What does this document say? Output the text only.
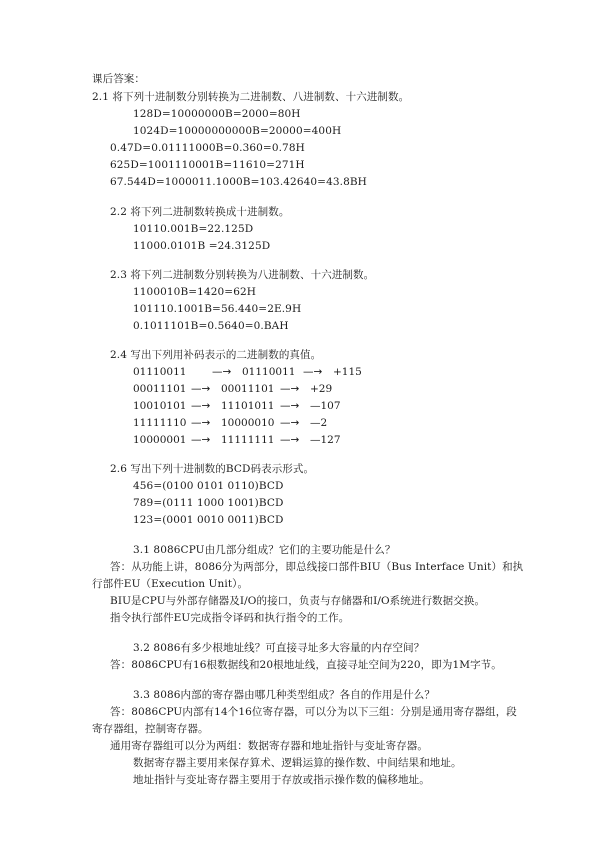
课后答案：
2.1 将下列十进制数分别转换为二进制数、八进制数、十六进制数。
128D=10000000B=2000=80H
1024D=10000000000B=20000=400H
0.47D=0.01111000B=0.360=0.78H
625D=1001110001B=11610=271H
67.544D=1000011.1000B=103.42640=43.8BH
2.2 将下列二进制数转换成十进制数。
10110.001B=22.125D
11000.0101B =24.3125D
2.3 将下列二进制数分别转换为八进制数、十六进制数。
1100010B=1420=62H
101110.1001B=56.440=2E.9H
0.1011101B=0.5640=0.BAH
2.4 写出下列用补码表示的二进制数的真值。
01110011 —→ 01110011 —→ +115
00011101 —→ 00011101 —→ +29
10010101 —→ 11101011 —→ —107
11111110 —→ 10000010 —→ —2
10000001 —→ 11111111 —→ —127
2.6 写出下列十进制数的BCD码表示形式。
456=(0100 0101 0110)BCD
789=(0111 1000 1001)BCD
123=(0001 0010 0011)BCD
3.1 8086CPU由几部分组成？它们的主要功能是什么？
答：从功能上讲，8086分为两部分，即总线接口部件BIU（Bus Interface Unit）和执
行部件EU（Execution Unit）。
BIU是CPU与外部存储器及I/O的接口，负责与存储器和I/O系统进行数据交换。
指令执行部件EU完成指令译码和执行指令的工作。
3.2 8086有多少根地址线？可直接寻址多大容量的内存空间？
答：8086CPU有16根数据线和20根地址线，直接寻址空间为220，即为1M字节。
3.3 8086内部的寄存器由哪几种类型组成？各自的作用是什么？
答：8086CPU内部有14个16位寄存器，可以分为以下三组：分别是通用寄存器组，段
寄存器组，控制寄存器。
通用寄存器组可以分为两组：数据寄存器和地址指针与变址寄存器。
数据寄存器主要用来保存算术、逻辑运算的操作数、中间结果和地址。
地址指针与变址寄存器主要用于存放或指示操作数的偏移地址。
